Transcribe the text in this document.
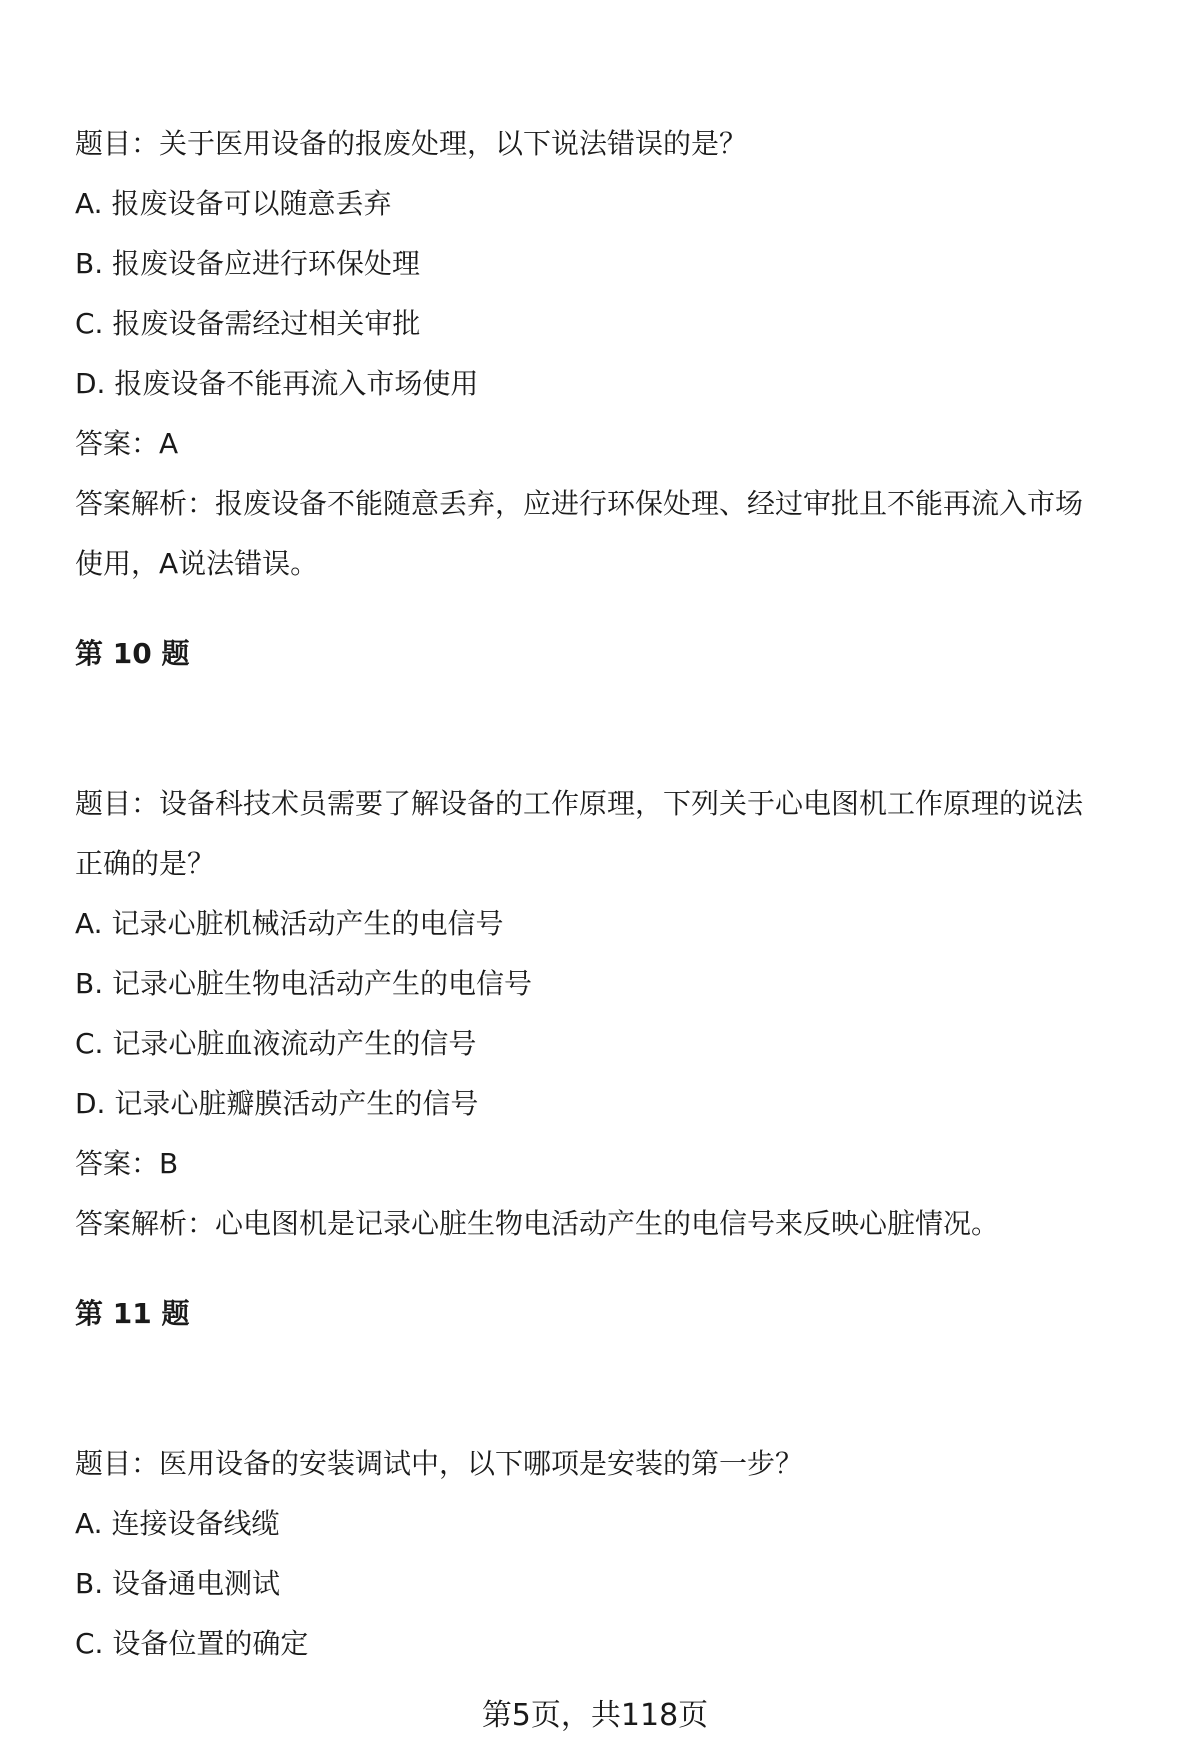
题目：关于医用设备的报废处理，以下说法错误的是？
A. 报废设备可以随意丢弃
B. 报废设备应进行环保处理
C. 报废设备需经过相关审批
D. 报废设备不能再流入市场使用
答案：A
答案解析：报废设备不能随意丢弃，应进行环保处理、经过审批且不能再流入市场
使用，A说法错误。
第 10 题
题目：设备科技术员需要了解设备的工作原理，下列关于心电图机工作原理的说法
正确的是？
A. 记录心脏机械活动产生的电信号
B. 记录心脏生物电活动产生的电信号
C. 记录心脏血液流动产生的信号
D. 记录心脏瓣膜活动产生的信号
答案：B
答案解析：心电图机是记录心脏生物电活动产生的电信号来反映心脏情况。
第 11 题
题目：医用设备的安装调试中，以下哪项是安装的第一步？
A. 连接设备线缆
B. 设备通电测试
C. 设备位置的确定
第5页，共118页
